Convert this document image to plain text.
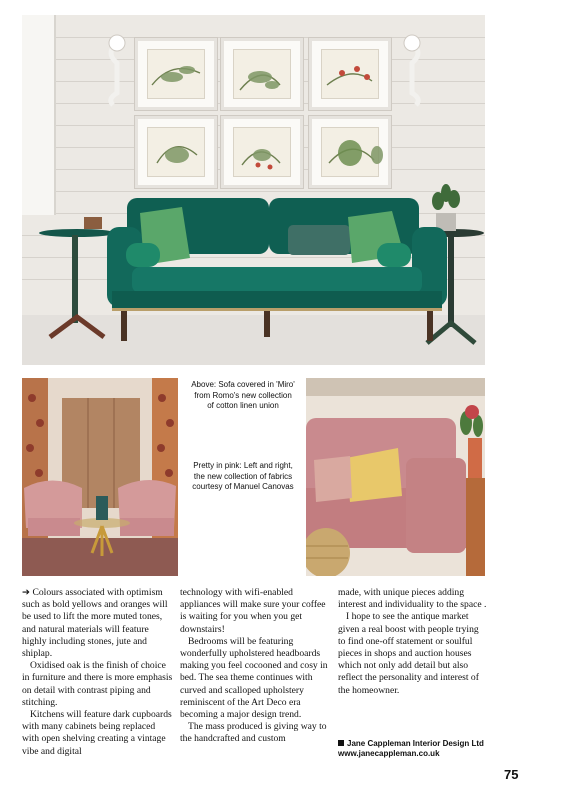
Above: Sofa covered in 'Miro' from Romo's new collection of cotton linen union
Pretty in pink: Left and right, the new collection of fabrics courtesy of Manuel Canovas

➔ Colours associated with optimism such as bold yellows and oranges will be used to lift the more muted tones, and natural materials will feature highly including stones, jute and shiplap.

Oxidised oak is the finish of choice in furniture and there is more emphasis on detail with contrast piping and stitching.

Kitchens will feature dark cupboards with many cabinets being replaced with open shelving creating a vintage vibe and digital

technology with wifi-enabled appliances will make sure your coffee is waiting for you when you get downstairs!

Bedrooms will be featuring wonderfully upholstered headboards making you feel cocooned and cosy in bed. The sea theme continues with curved and scalloped upholstery reminiscent of the Art Deco era becoming a major design trend.

The mass produced is giving way to the handcrafted and custom

made, with unique pieces adding interest and individuality to the space .

I hope to see the antique market given a real boost with people trying to find one-off statement or soulful pieces in shops and auction houses which not only add detail but also reflect the personality and interest of the homeowner.

Jane Cappleman Interior Design Ltd
www.janecappleman.co.uk
75
